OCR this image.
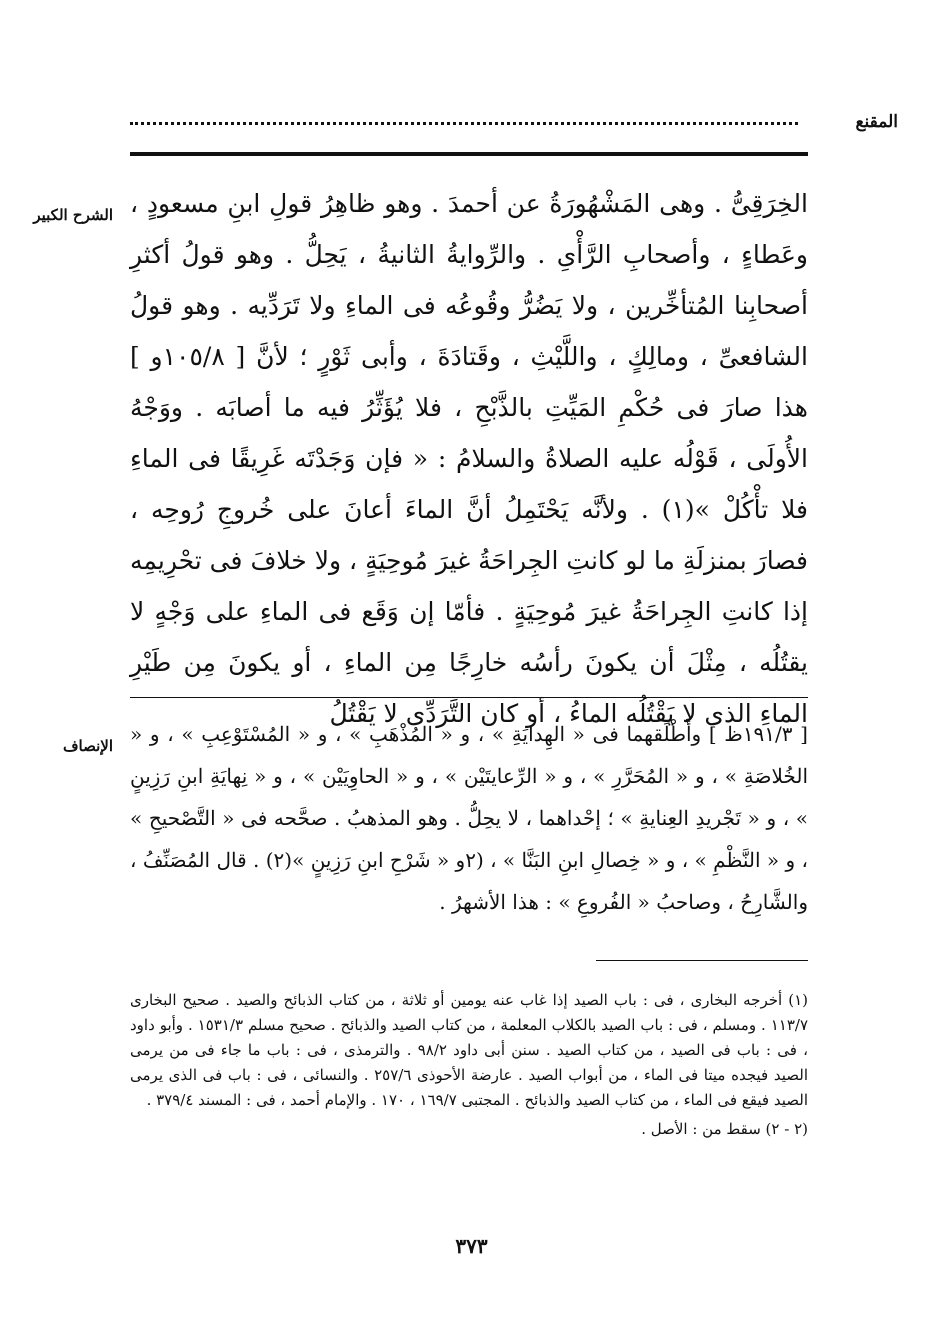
المقنع
الشرح الكبير الخِرَقِىُّ . وهى المَشْهُورَةُ عن أحمدَ . وهو ظاهِرُ قولِ ابنِ مسعودٍ ، وعَطاءٍ ، وأصحابِ الرَّأْىِ . والرِّوايةُ الثانيةُ ، يَحِلُّ . وهو قولُ أكثرِ أصحابِنا المُتأخِّرين ، ولا يَضُرُّ وقُوعُه فى الماءِ ولا تَرَدِّيه . وهو قولُ الشافعىِّ ، ومالِكٍ ، واللَّيْثِ ، وقَتادَةَ ، وأبى ثَوْرٍ ؛ لأنَّ [ ١٠٥/٨و ] هذا صارَ فى حُكْمِ المَيِّتِ بالذَّبْحِ ، فلا يُؤَثِّرُ فيه ما أصابَه . ووَجْهُ الأُولَى ، قَوْلُه عليه الصلاةُ والسلامُ : « فإن وَجَدْتَه غَرِيقًا فى الماءِ فلا تأْكُلْ »(١) . ولأنَّه يَحْتَمِلُ أنَّ الماءَ أعانَ على خُروجِ رُوحِه ، فصارَ بمنزلَةِ ما لو كانتِ الجِراحَةُ غيرَ مُوحِيَةٍ ، ولا خلافَ فى تحْرِيمِه إذا كانتِ الجِراحَةُ غيرَ مُوحِيَةٍ . فأمّا إن وَقَع فى الماءِ على وَجْهٍ لا يقتُلُه ، مِثْلَ أن يكونَ رأسُه خارِجًا مِن الماءِ ، أو يكونَ مِن طَيْرِ الماءِ الذى لا يَقْتُلُه الماءُ ، أو كان التَّرَدِّى لا يَقْتُلُ

الإنصاف [ ١٩١/٣ظ ] وأَطْلَقهما فى « الهِدايَةِ » ، و « المُذْهَبِ » ، و « المُسْتَوْعِبِ » ، و « الخُلاصَةِ » ، و « المُحَرَّرِ » ، و « الرِّعايتَيْن » ، و « الحاوِيَيْن » ، و « نِهايَةِ ابنِ رَزِينٍ » ، و « تَجْريدِ العِنايةِ » ؛ إحْداهما ، لا يحِلُّ . وهو المذهبُ . صحَّحه فى « التَّصْحيحِ » ، و « النَّظْمِ » ، و « خِصالِ ابنِ البَنَّا » ، (٢و « شَرْحِ ابنِ رَزِينٍ »(٢) . قال المُصَنِّفُ ، والشَّارِحُ ، وصاحبُ « الفُروعِ » : هذا الأشهرُ .

(١) أخرجه البخارى ، فى : باب الصيد إذا غاب عنه يومين أو ثلاثة ، من كتاب الذبائح والصيد . صحيح البخارى ١١٣/٧ . ومسلم ، فى : باب الصيد بالكلاب المعلمة ، من كتاب الصيد والذبائح . صحيح مسلم ١٥٣١/٣ . وأبو داود ، فى : باب فى الصيد ، من كتاب الصيد . سنن أبى داود ٩٨/٢ . والترمذى ، فى : باب ما جاء فى من يرمى الصيد فيجده ميتا فى الماء ، من أبواب الصيد . عارضة الأحوذى ٢٥٧/٦ . والنسائى ، فى : باب فى الذى يرمى الصيد فيقع فى الماء ، من كتاب الصيد والذبائح . المجتبى ١٦٩/٧ ، ١٧٠ . والإمام أحمد ، فى : المسند ٣٧٩/٤ .

(٢ - ٢) سقط من : الأصل .

٣٧٣
